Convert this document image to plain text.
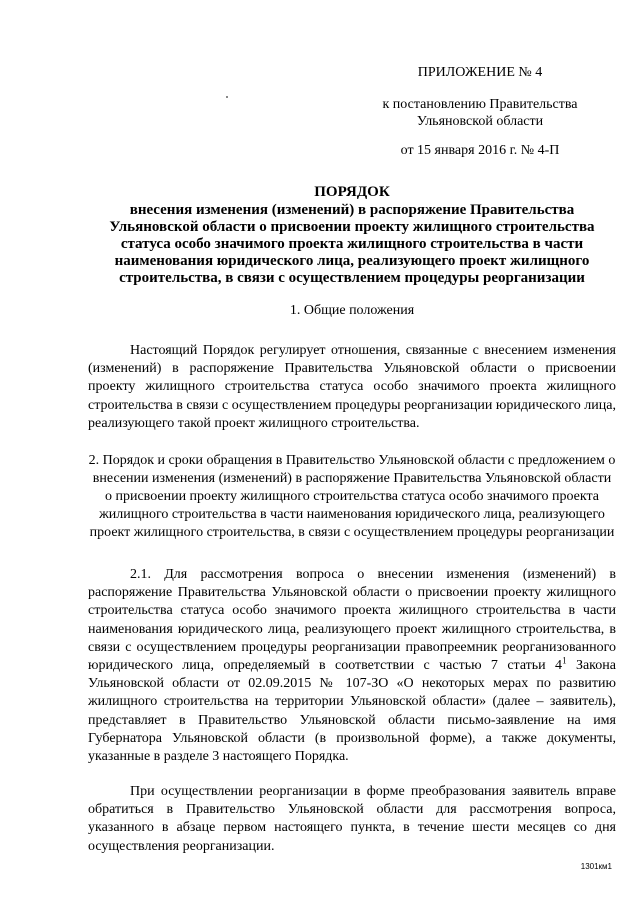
ПРИЛОЖЕНИЕ № 4
к постановлению Правительства
Ульяновской области
от 15 января 2016 г. № 4-П
ПОРЯДОК
внесения изменения (изменений) в распоряжение Правительства Ульяновской области о присвоении проекту жилищного строительства статуса особо значимого проекта жилищного строительства в части наименования юридического лица, реализующего проект жилищного строительства, в связи с осуществлением процедуры реорганизации
1. Общие положения

Настоящий Порядок регулирует отношения, связанные с внесением изменения (изменений) в распоряжение Правительства Ульяновской области о присвоении проекту жилищного строительства статуса особо значимого проекта жилищного строительства в связи с осуществлением процедуры реорганизации юридического лица, реализующего такой проект жилищного строительства.

2. Порядок и сроки обращения в Правительство Ульяновской области с предложением о внесении изменения (изменений) в распоряжение Правительства Ульяновской области о присвоении проекту жилищного строительства статуса особо значимого проекта жилищного строительства в части наименования юридического лица, реализующего проект жилищного строительства, в связи с осуществлением процедуры реорганизации

2.1. Для рассмотрения вопроса о внесении изменения (изменений) в распоряжение Правительства Ульяновской области о присвоении проекту жилищного строительства статуса особо значимого проекта жилищного строительства в части наименования юридического лица, реализующего проект жилищного строительства, в связи с осуществлением процедуры реорганизации правопреемник реорганизованного юридического лица, определяемый в соответствии с частью 7 статьи $4^1$ Закона Ульяновской области от 02.09.2015 № 107-ЗО «О некоторых мерах по развитию жилищного строительства на территории Ульяновской области» (далее – заявитель), представляет в Правительство Ульяновской области письмо-заявление на имя Губернатора Ульяновской области (в произвольной форме), а также документы, указанные в разделе 3 настоящего Порядка.

При осуществлении реорганизации в форме преобразования заявитель вправе обратиться в Правительство Ульяновской области для рассмотрения вопроса, указанного в абзаце первом настоящего пункта, в течение шести месяцев со дня осуществления реорганизации.

1301км1
